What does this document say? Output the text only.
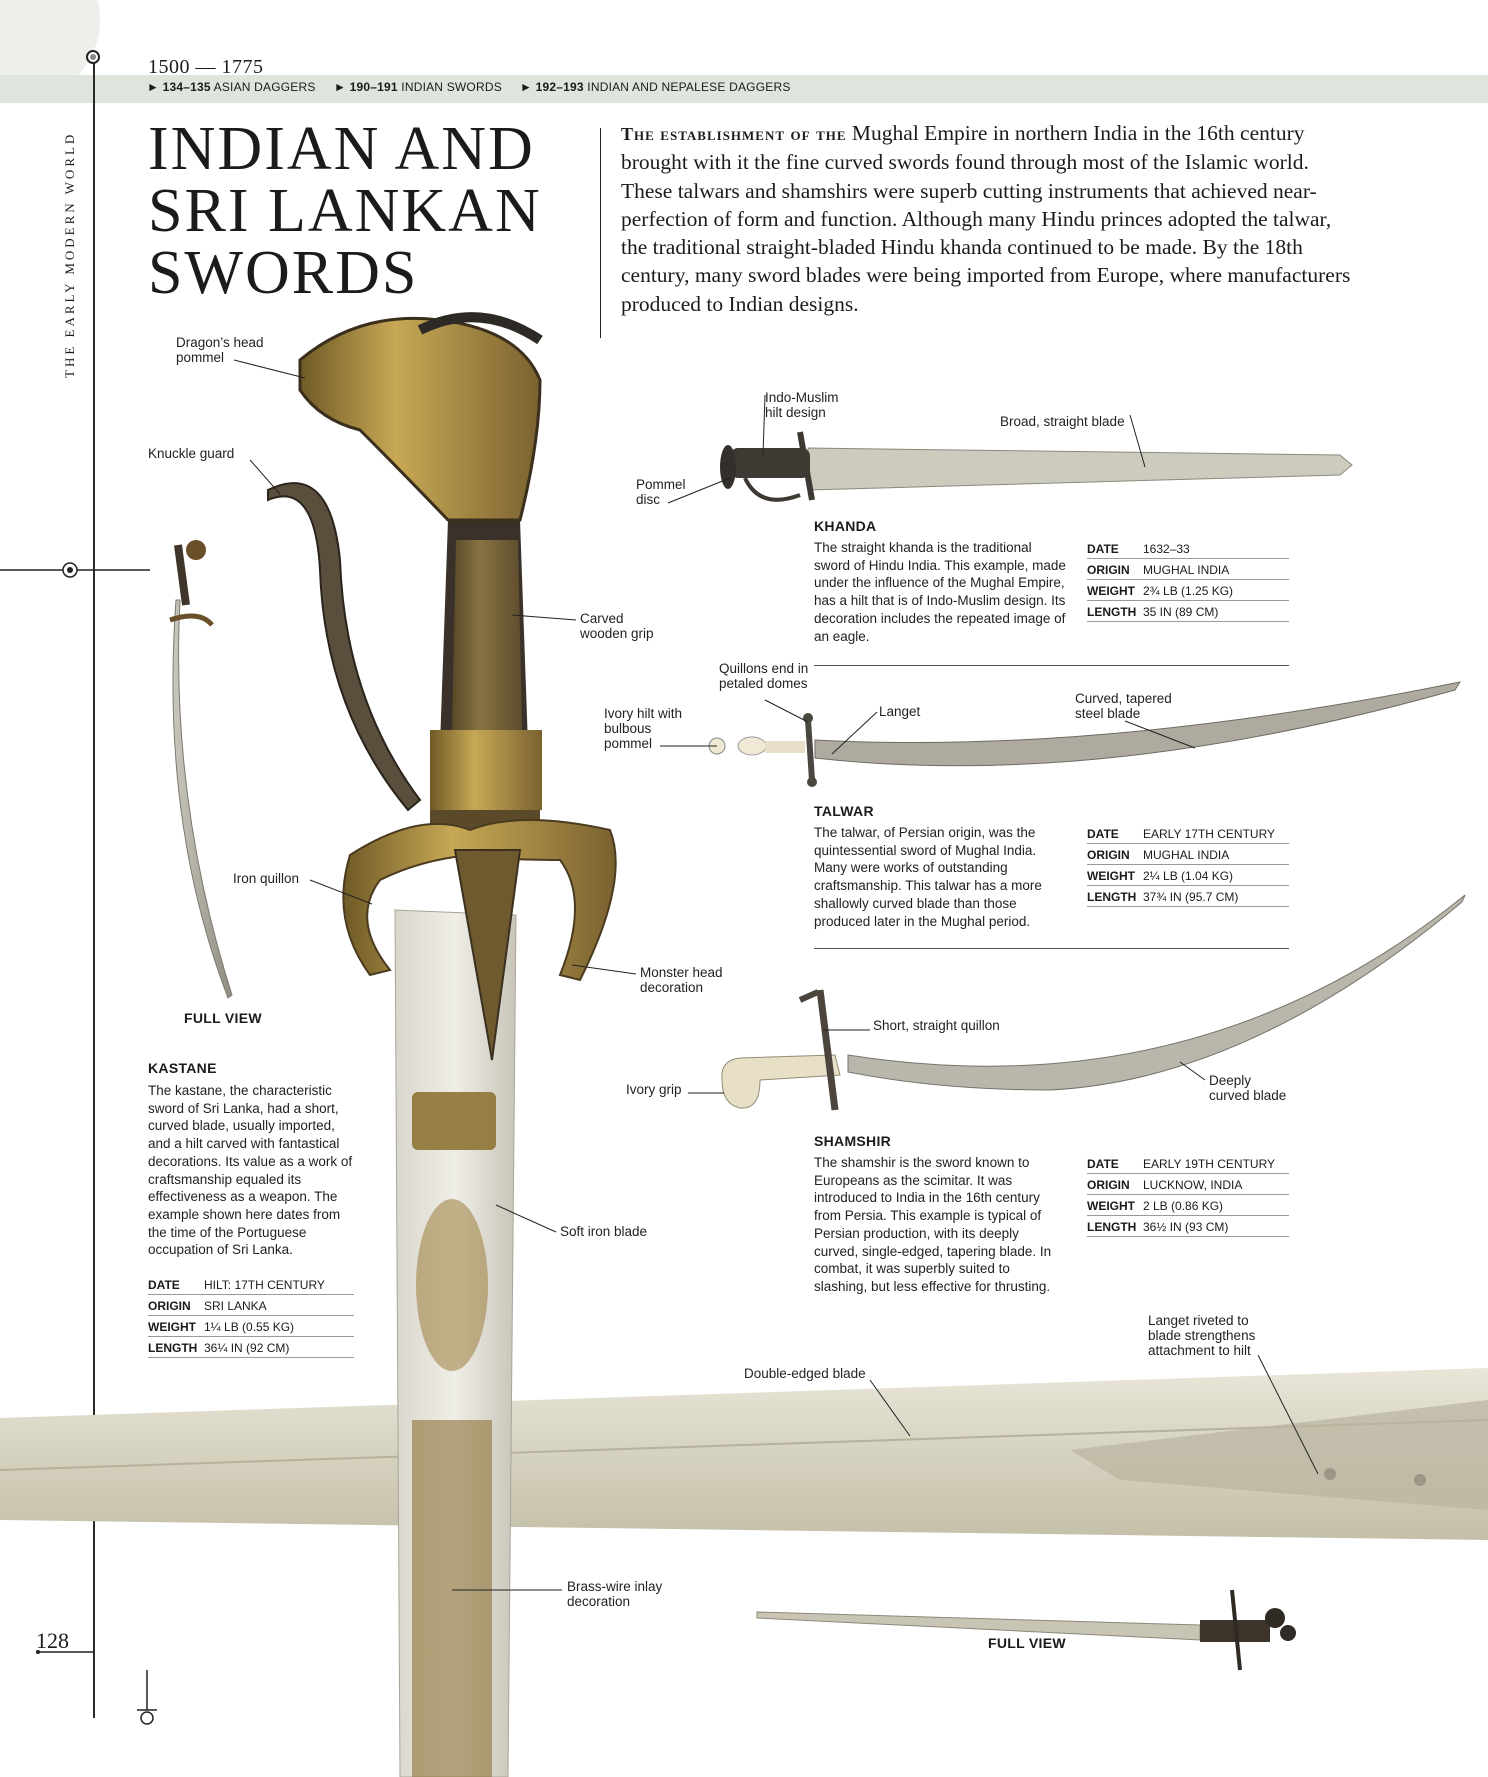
1500 — 1775
► 134–135 ASIAN DAGGERS ► 190–191 INDIAN SWORDS ► 192–193 INDIAN AND NEPALESE DAGGERS
THE EARLY MODERN WORLD INDIAN AND
SRI LANKAN
SWORDS
The establishment of the Mughal Empire in northern India in the 16th century brought with it the fine curved swords found through most of the Islamic world. These talwars and shamshirs were superb cutting instruments that achieved near-perfection of form and function. Although many Hindu princes adopted the talwar, the traditional straight-bladed Hindu khanda continued to be made. By the 18th century, many sword blades were being imported from Europe, where manufacturers produced to Indian designs.
FULL VIEW
KASTANE
The kastane, the characteristic sword of Sri Lanka, had a short, curved blade, usually imported, and a hilt carved with fantastical decorations. Its value as a work of craftsmanship equaled its effectiveness as a weapon. The example shown here dates from the time of the Portuguese occupation of Sri Lanka.
DATE	HILT: 17TH CENTURY
ORIGIN	SRI LANKA
WEIGHT	1¼ LB (0.55 KG)
LENGTH	36¼ IN (92 CM)
Dragon’s head pommel
Knuckle guard
Carved wooden grip
Iron quillon
Monster head decoration
Soft iron blade
Brass-wire inlay decoration
Indo-Muslim hilt design
Broad, straight blade
Pommel disc
KHANDA
The straight khanda is the traditional sword of Hindu India. This example, made under the influence of the Mughal Empire, has a hilt that is of Indo-Muslim design. Its decoration includes the repeated image of an eagle.
DATE	1632–33
ORIGIN	MUGHAL INDIA
WEIGHT	2¾ LB (1.25 KG)
LENGTH	35 IN (89 CM)
Quillons end in petaled domes
Ivory hilt with bulbous pommel
Langet
Curved, tapered steel blade
TALWAR
The talwar, of Persian origin, was the quintessential sword of Mughal India. Many were works of outstanding craftsmanship. This talwar has a more shallowly curved blade than those produced later in the Mughal period.
DATE	EARLY 17TH CENTURY
ORIGIN	MUGHAL INDIA
WEIGHT	2¼ LB (1.04 KG)
LENGTH	37¾ IN (95.7 CM)
Short, straight quillon
Ivory grip
Deeply curved blade
SHAMSHIR
The shamshir is the sword known to Europeans as the scimitar. It was introduced to India in the 16th century from Persia. This example is typical of Persian production, with its deeply curved, single-edged, tapering blade. In combat, it was superbly suited to slashing, but less effective for thrusting.
DATE	EARLY 19TH CENTURY
ORIGIN	LUCKNOW, INDIA
WEIGHT	2 LB (0.86 KG)
LENGTH	36½ IN (93 CM)
Double-edged blade
Langet riveted to blade strengthens attachment to hilt
FULL VIEW
128
